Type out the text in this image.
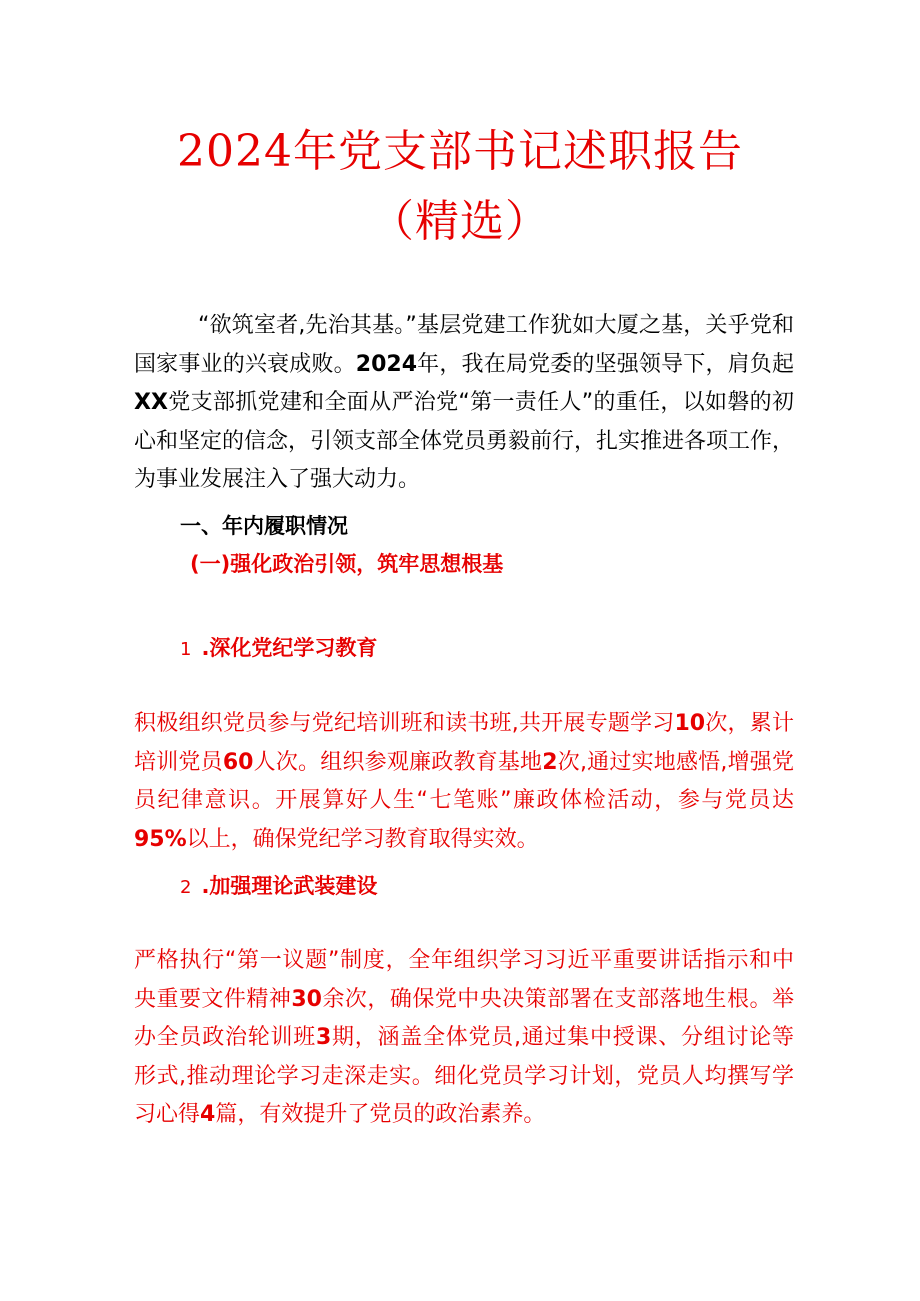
2024年党支部书记述职报告
（精选）
“欲筑室者,先治其基。”基层党建工作犹如大厦之基，关乎党和国家事业的兴衰成败。2024年，我在局党委的坚强领导下，肩负起XX党支部抓党建和全面从严治党“第一责任人”的重任，以如磐的初心和坚定的信念，引领支部全体党员勇毅前行，扎实推进各项工作，为事业发展注入了强大动力。
一、年内履职情况
(一)强化政治引领，筑牢思想根基
1 .深化党纪学习教育
积极组织党员参与党纪培训班和读书班,共开展专题学习10次，累计培训党员60人次。组织参观廉政教育基地2次,通过实地感悟,增强党员纪律意识。开展算好人生“七笔账”廉政体检活动，参与党员达95%以上，确保党纪学习教育取得实效。
2 .加强理论武装建设
严格执行“第一议题”制度，全年组织学习习近平重要讲话指示和中央重要文件精神30余次，确保党中央决策部署在支部落地生根。举办全员政治轮训班3期，涵盖全体党员,通过集中授课、分组讨论等形式,推动理论学习走深走实。细化党员学习计划，党员人均撰写学习心得4篇，有效提升了党员的政治素养。
